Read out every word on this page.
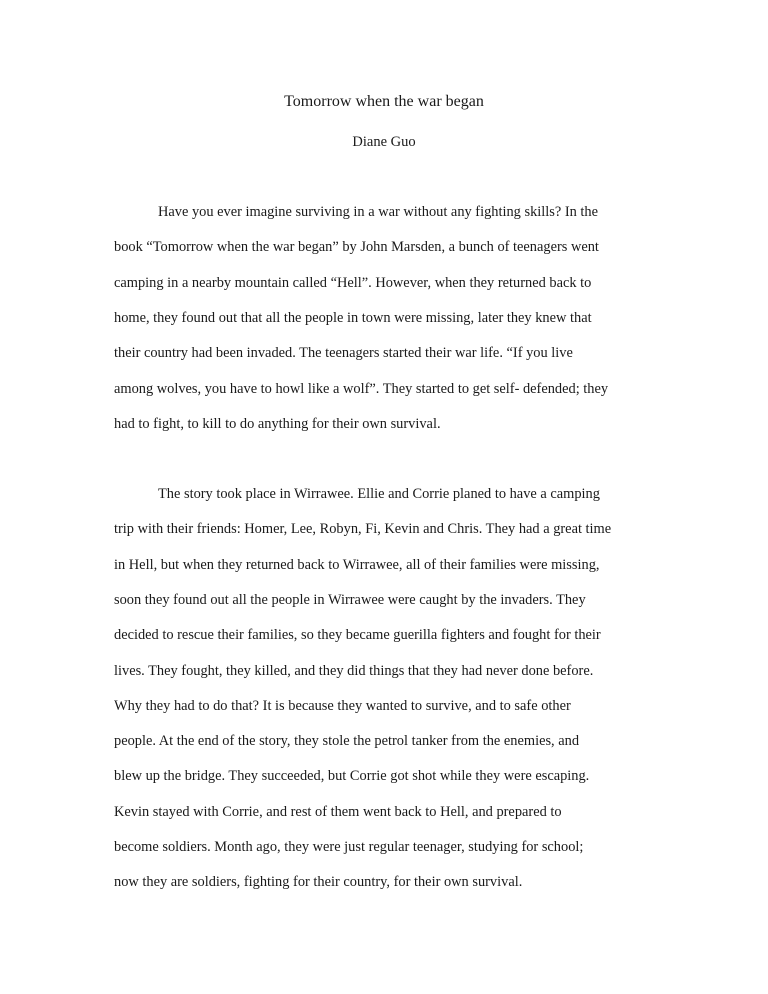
Tomorrow when the war began
Diane Guo
Have you ever imagine surviving in a war without any fighting skills? In the
book “Tomorrow when the war began” by John Marsden, a bunch of teenagers went
camping in a nearby mountain called “Hell”. However, when they returned back to
home, they found out that all the people in town were missing, later they knew that
their country had been invaded. The teenagers started their war life. “If you live
among wolves, you have to howl like a wolf”. They started to get self- defended; they
had to fight, to kill to do anything for their own survival.
The story took place in Wirrawee. Ellie and Corrie planed to have a camping
trip with their friends: Homer, Lee, Robyn, Fi, Kevin and Chris. They had a great time
in Hell, but when they returned back to Wirrawee, all of their families were missing,
soon they found out all the people in Wirrawee were caught by the invaders. They
decided to rescue their families, so they became guerilla fighters and fought for their
lives. They fought, they killed, and they did things that they had never done before.
Why they had to do that? It is because they wanted to survive, and to safe other
people. At the end of the story, they stole the petrol tanker from the enemies, and
blew up the bridge. They succeeded, but Corrie got shot while they were escaping.
Kevin stayed with Corrie, and rest of them went back to Hell, and prepared to
become soldiers. Month ago, they were just regular teenager, studying for school;
now they are soldiers, fighting for their country, for their own survival.
